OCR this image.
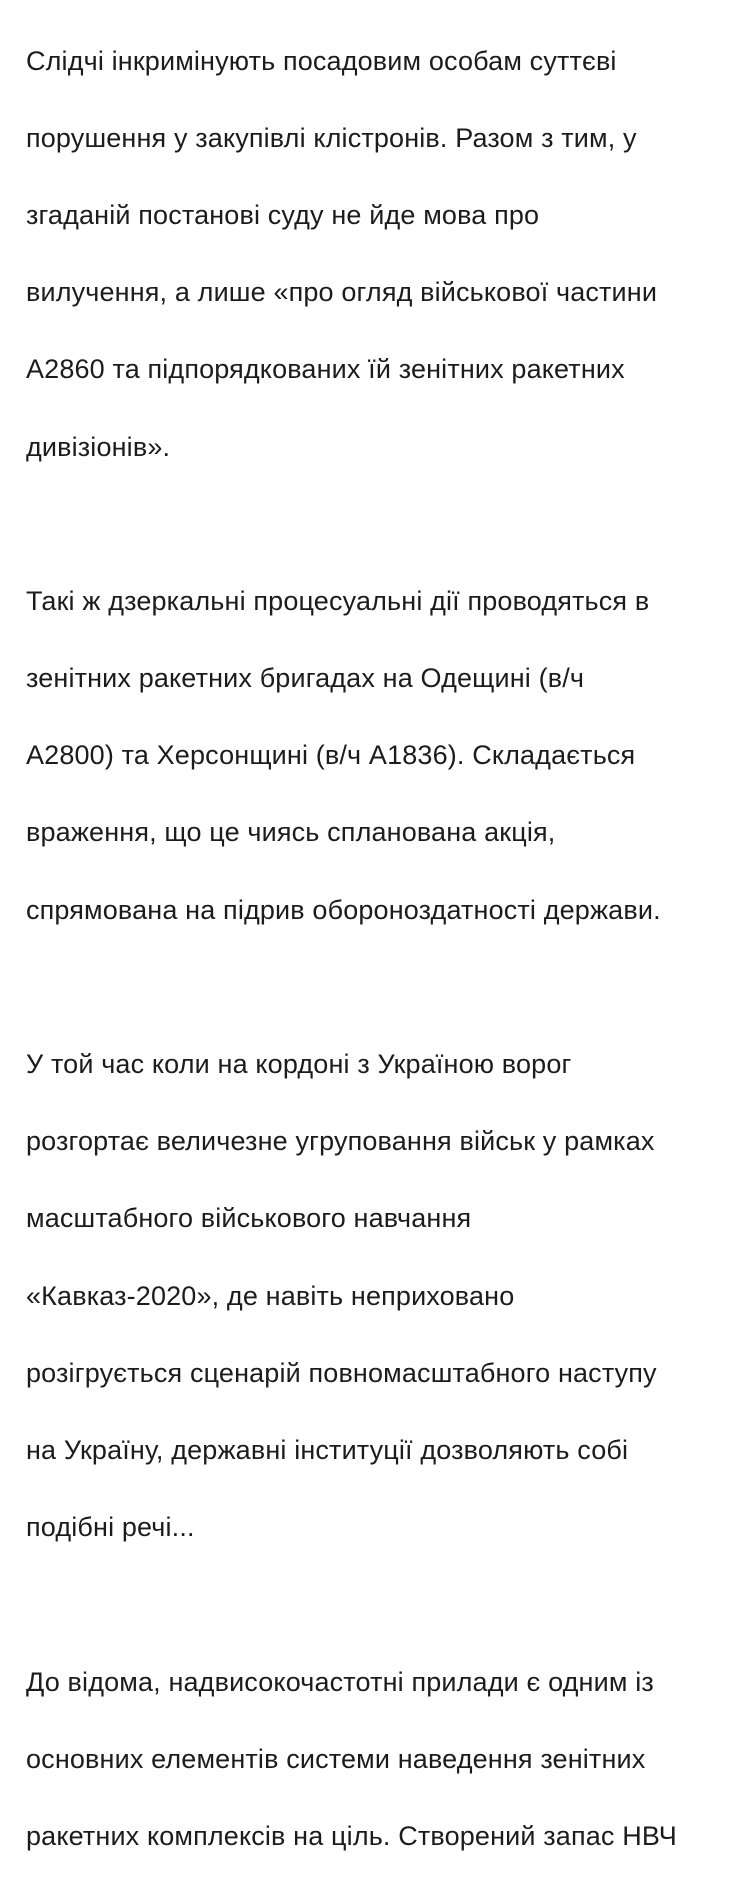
Слідчі інкримінують посадовим особам суттєві

порушення у закупівлі клістронів. Разом з тим, у

згаданій постанові суду не йде мова про

вилучення, а лише «про огляд військової частини

А2860 та підпорядкованих їй зенітних ракетних

дивізіонів».

Такі ж дзеркальні процесуальні дії проводяться в

зенітних ракетних бригадах на Одещині (в/ч

А2800) та Херсонщині (в/ч А1836). Складається

враження, що це чиясь спланована акція,

спрямована на підрив обороноздатності держави.

У той час коли на кордоні з Україною ворог

розгортає величезне угруповання військ у рамках

масштабного військового навчання

«Кавказ-2020», де навіть неприховано

розігрується сценарій повномасштабного наступу

на Україну, державні інституції дозволяють собі

подібні речі...

До відома, надвисокочастотні прилади є одним із

основних елементів системи наведення зенітних

ракетних комплексів на ціль. Створений запас НВЧ
